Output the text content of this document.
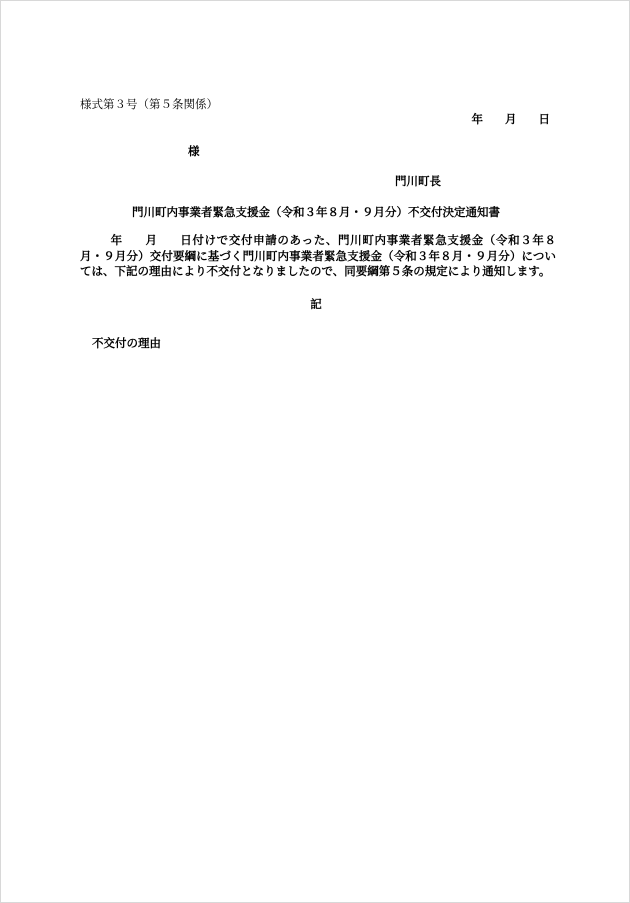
様式第３号（第５条関係）
年 月 日
様
門川町長
門川町内事業者緊急支援金（令和３年８月・９月分）不交付決定通知書
年 月 日付けで交付申請のあった、門川町内事業者緊急支援金（令和３年８月・９月分）交付要綱に基づく門川町内事業者緊急支援金（令和３年８月・９月分）については、下記の理由により不交付となりましたので、同要綱第５条の規定により通知します。
記
不交付の理由
